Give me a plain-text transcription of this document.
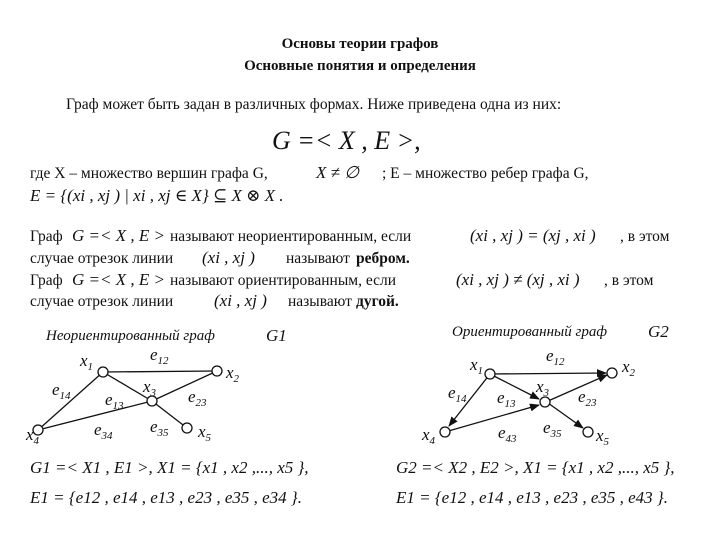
Основы теории графов
Основные понятия и определения
Граф может быть задан в различных формах. Ниже приведена одна из них:
G =< X , E >,
где X – множество вершин графа G,	X ≠ ∅ ; E – множество ребер графа G,
E = {(xi , xj ) | xi , xj ∈ X} ⊆ X ⊗ X .
Граф G =< X , E > называют неориентированным, если	(xi , xj ) = (xj , xi ) , в этом
случае отрезок линии (xi , xj ) называют ребром.
Граф G =< X , E > называют ориентированным, если	(xi , xj ) ≠ (xj , xi ) , в этом
случае отрезок линии (xi , xj ) называют дугой.
Неориентированный граф	G1	Ориентированный граф G2
$x_1$	$x_2$
$x_3$
$x_4$	$x_5$
$e_{12}$
$e_{14}$ $e_{13}$	$e_{23}$
$e_{34}$ $e_{35}$
$x_1$	$x_2$
$x_3$
$x_4$	$x_5$
$e_{12}$
$e_{14}$ $e_{13}$	$e_{23}$
$e_{43}$
$e_{35}$
G1 =< X1 , E1 >, X1 = {x1 , x2 ,..., x5 },
E1 = {e12 , e14 , e13 , e23 , e35 , e34 }.
G2 =< X2 , E2 >, X1 = {x1 , x2 ,..., x5 },
E1 = {e12 , e14 , e13 , e23 , e35 , e43 }.
